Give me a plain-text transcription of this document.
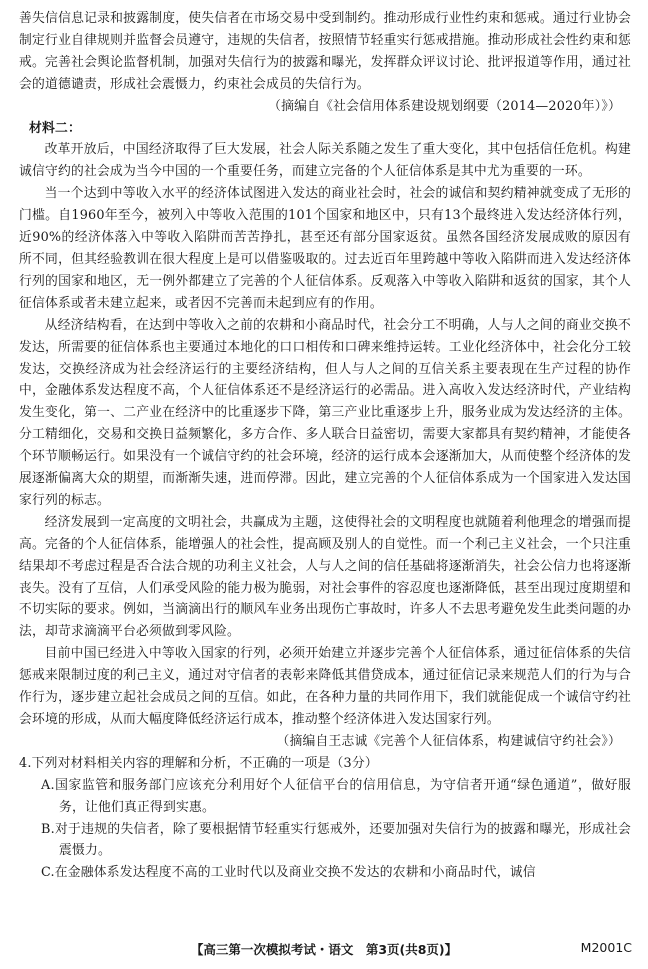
善失信信息记录和披露制度，使失信者在市场交易中受到制约。推动形成行业性约束和惩戒。通过行业协会制定行业自律规则并监督会员遵守，违规的失信者，按照情节轻重实行惩戒措施。推动形成社会性约束和惩戒。完善社会舆论监督机制，加强对失信行为的披露和曝光，发挥群众评议讨论、批评报道等作用，通过社会的道德谴责，形成社会震慑力，约束社会成员的失信行为。

（摘编自《社会信用体系建设规划纲要（2014—2020年）》）

材料二：

改革开放后，中国经济取得了巨大发展，社会人际关系随之发生了重大变化，其中包括信任危机。构建诚信守约的社会成为当今中国的一个重要任务，而建立完备的个人征信体系是其中尤为重要的一环。

当一个达到中等收入水平的经济体试图进入发达的商业社会时，社会的诚信和契约精神就变成了无形的门槛。自1960年至今，被列入中等收入范围的101个国家和地区中，只有13个最终进入发达经济体行列，近90%的经济体落入中等收入陷阱而苦苦挣扎，甚至还有部分国家返贫。虽然各国经济发展成败的原因有所不同，但其经验教训在很大程度上是可以借鉴吸取的。过去近百年里跨越中等收入陷阱而进入发达经济体行列的国家和地区，无一例外都建立了完善的个人征信体系。反观落入中等收入陷阱和返贫的国家，其个人征信体系或者未建立起来，或者因不完善而未起到应有的作用。

从经济结构看，在达到中等收入之前的农耕和小商品时代，社会分工不明确，人与人之间的商业交换不发达，所需要的征信体系也主要通过本地化的口口相传和口碑来维持运转。工业化经济体中，社会化分工较发达，交换经济成为社会经济运行的主要经济结构，但人与人之间的互信关系主要表现在生产过程的协作中，金融体系发达程度不高，个人征信体系还不是经济运行的必需品。进入高收入发达经济时代，产业结构发生变化，第一、二产业在经济中的比重逐步下降，第三产业比重逐步上升，服务业成为发达经济的主体。分工精细化，交易和交换日益频繁化，多方合作、多人联合日益密切，需要大家都具有契约精神，才能使各个环节顺畅运行。如果没有一个诚信守约的社会环境，经济的运行成本会逐渐加大，从而使整个经济体的发展逐渐偏离大众的期望，而渐渐失速，进而停滞。因此，建立完善的个人征信体系成为一个国家进入发达国家行列的标志。

经济发展到一定高度的文明社会，共赢成为主题，这使得社会的文明程度也就随着利他理念的增强而提高。完备的个人征信体系，能增强人的社会性，提高顾及别人的自觉性。而一个利己主义社会，一个只注重结果却不考虑过程是否合法合规的功利主义社会，人与人之间的信任基础将逐渐消失，社会公信力也将逐渐丧失。没有了互信，人们承受风险的能力极为脆弱，对社会事件的容忍度也逐渐降低，甚至出现过度期望和不切实际的要求。例如，当滴滴出行的顺风车业务出现伤亡事故时，许多人不去思考避免发生此类问题的办法，却苛求滴滴平台必须做到零风险。

目前中国已经进入中等收入国家的行列，必须开始建立并逐步完善个人征信体系，通过征信体系的失信惩戒来限制过度的利己主义，通过对守信者的表彰来降低其借贷成本，通过征信记录来规范人们的行为与合作行为，逐步建立起社会成员之间的互信。如此，在各种力量的共同作用下，我们就能促成一个诚信守约社会环境的形成，从而大幅度降低经济运行成本，推动整个经济体进入发达国家行列。

（摘编自王志诚《完善个人征信体系，构建诚信守约社会》）

4.下列对材料相关内容的理解和分析，不正确的一项是（3分）

A.国家监管和服务部门应该充分利用好个人征信平台的信用信息，为守信者开通“绿色通道”，做好服务，让他们真正得到实惠。

B.对于违规的失信者，除了要根据情节轻重实行惩戒外，还要加强对失信行为的披露和曝光，形成社会震慑力。

C.在金融体系发达程度不高的工业时代以及商业交换不发达的农耕和小商品时代，诚信

【高三第一次模拟考试・语文　第3页(共8页)】	M2001C
